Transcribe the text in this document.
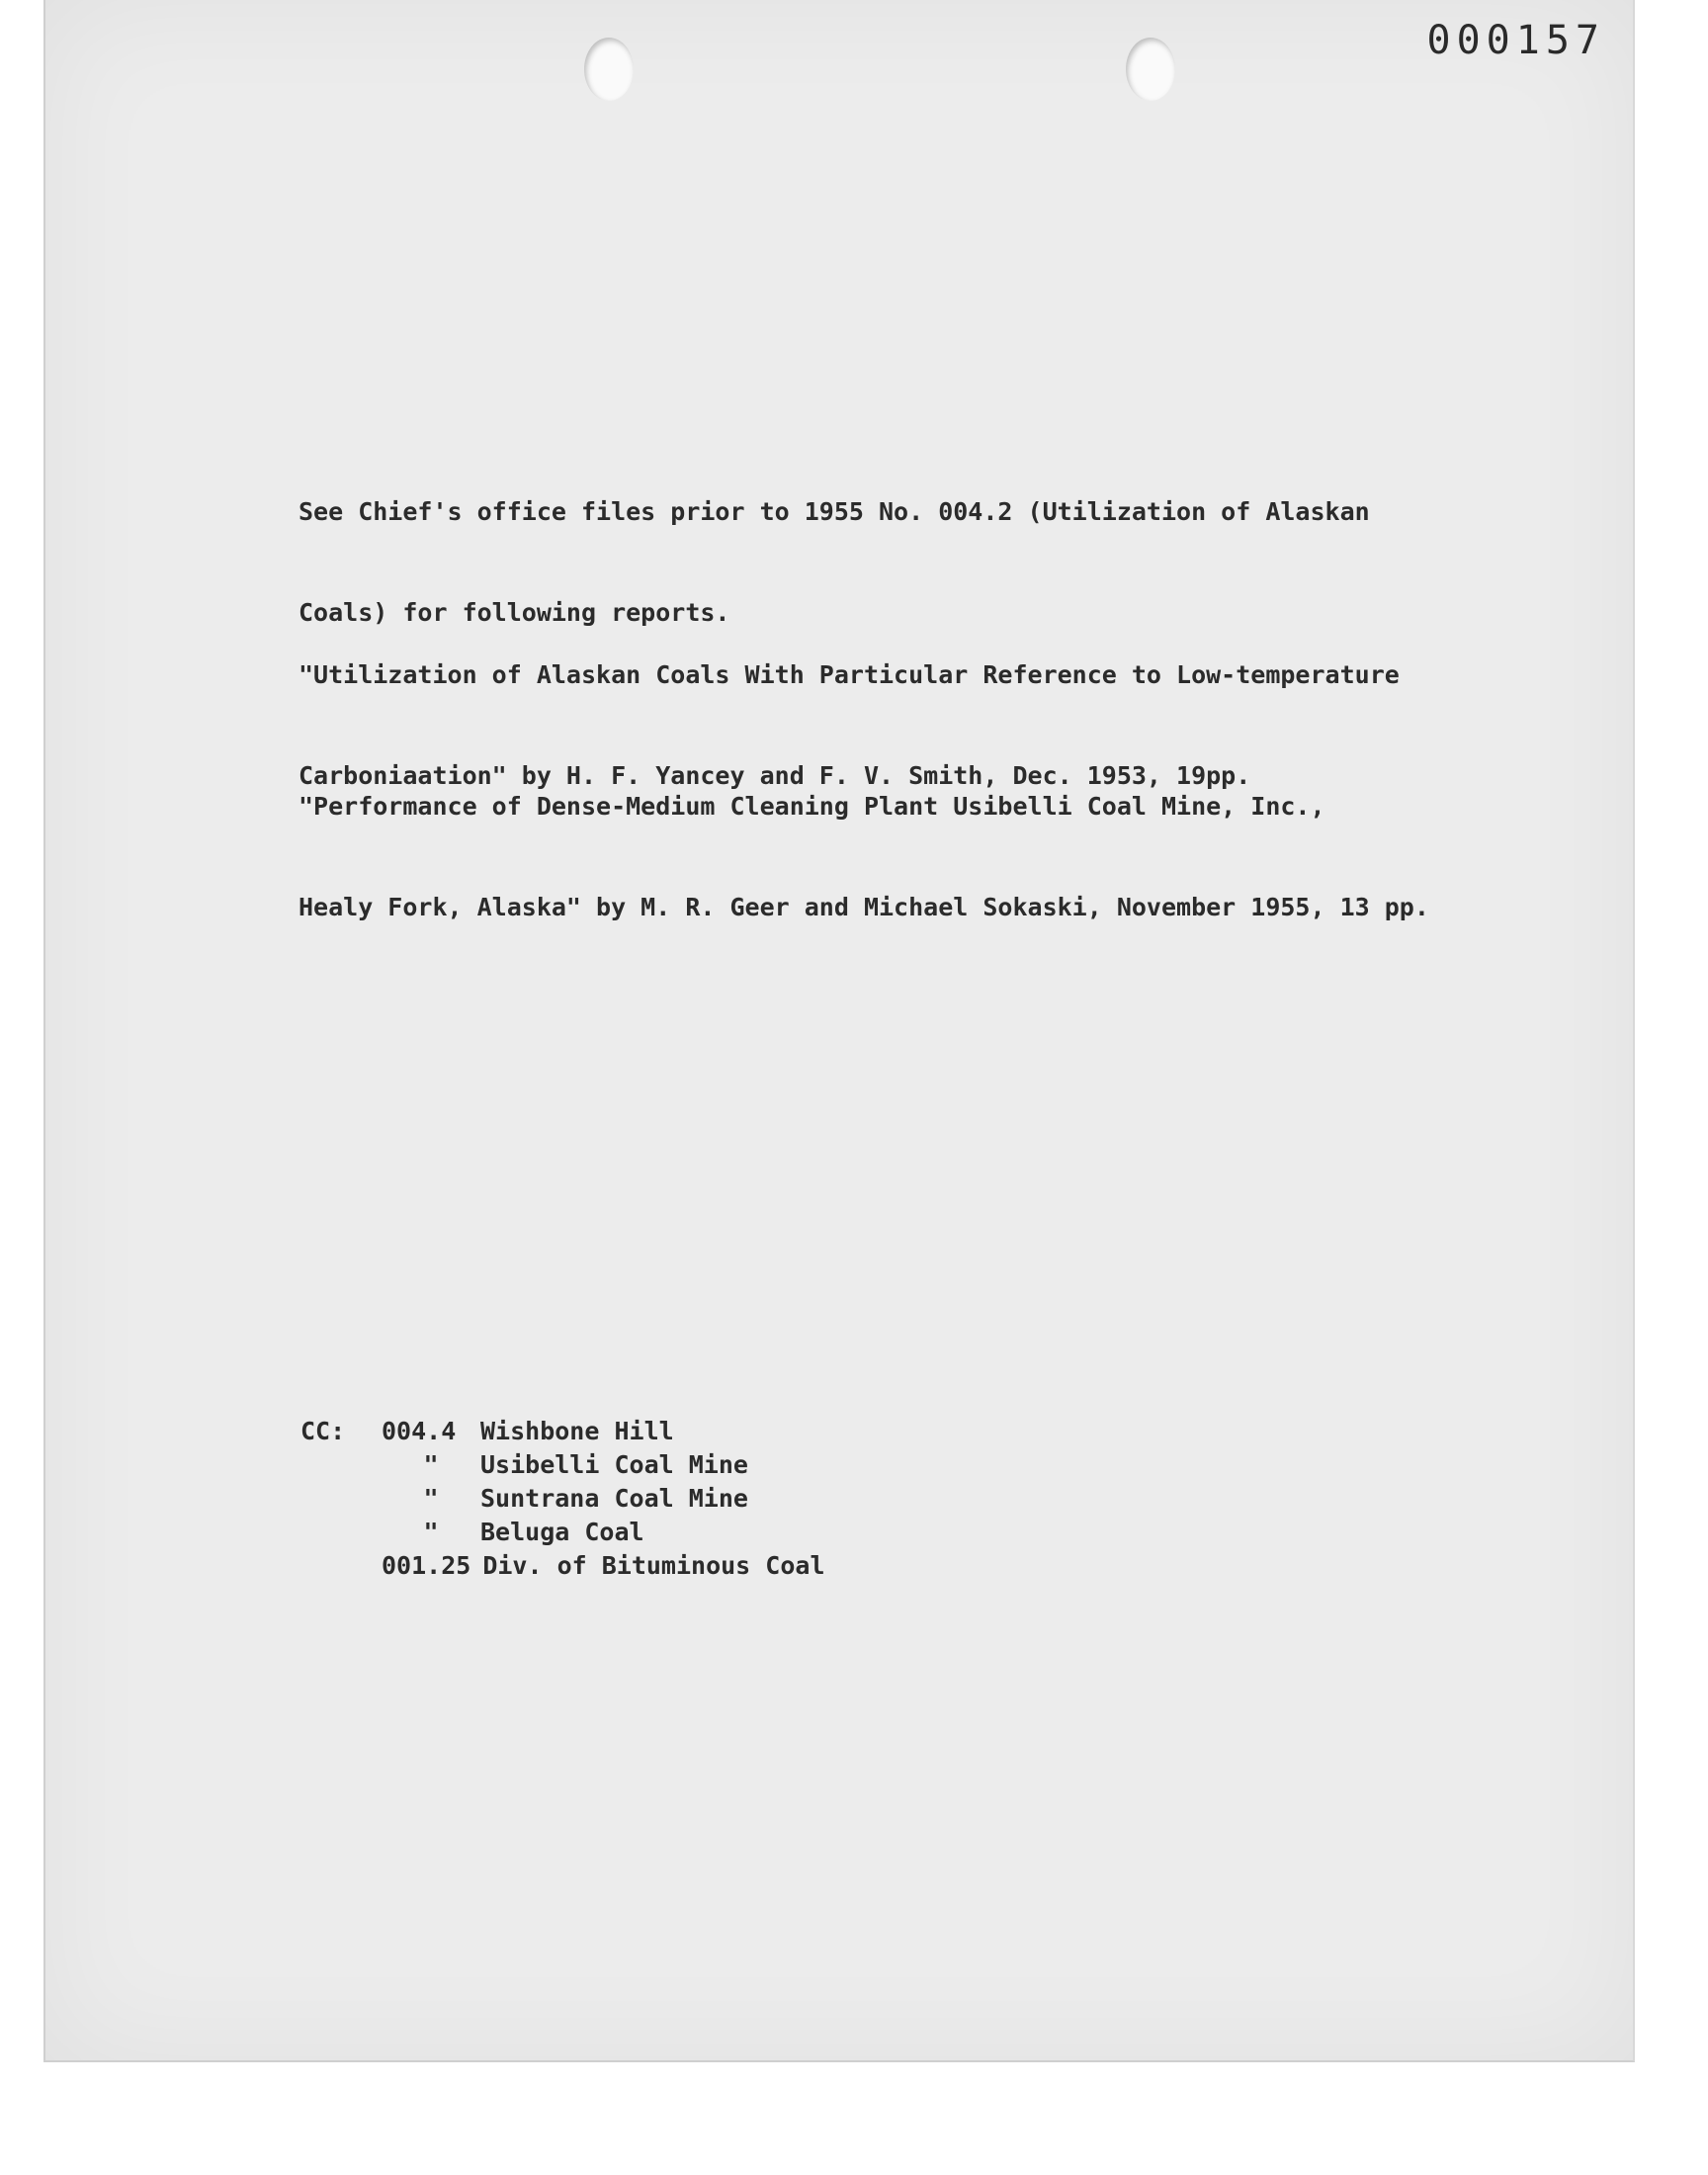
000157

See Chief's office files prior to 1955 No. 004.2 (Utilization of Alaskan

Coals) for following reports.

"Utilization of Alaskan Coals With Particular Reference to Low-temperature

Carboniaation" by H. F. Yancey and F. V. Smith, Dec. 1953, 19pp.

"Performance of Dense-Medium Cleaning Plant Usibelli Coal Mine, Inc.,

Healy Fork, Alaska" by M. R. Geer and Michael Sokaski, November 1955, 13 pp.

CC:	004.4 Wishbone Hill
"	Usibelli Coal Mine
"	Suntrana Coal Mine
"	Beluga Coal
001.25 Div. of Bituminous Coal
